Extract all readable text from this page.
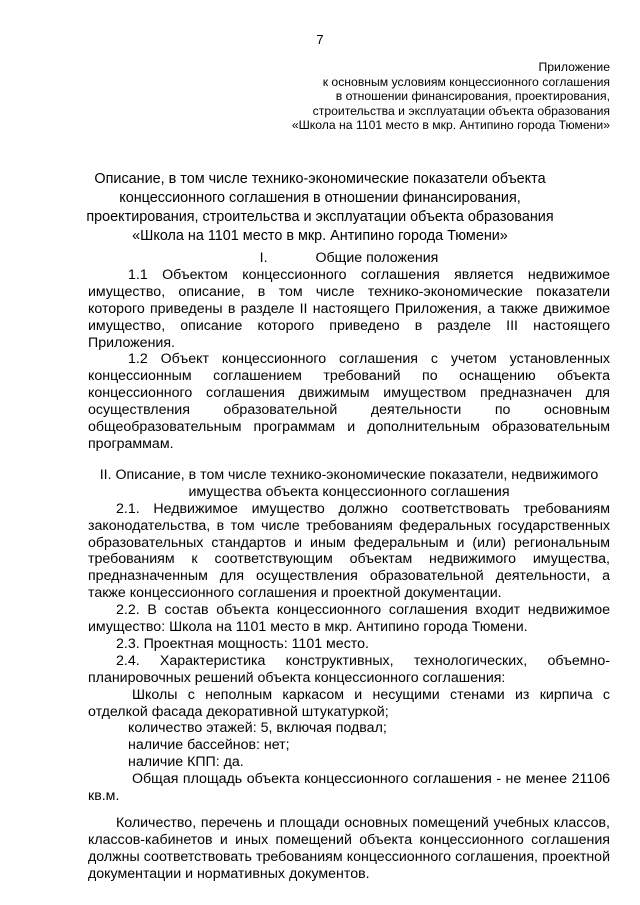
7
Приложение
к основным условиям концессионного соглашения
в отношении финансирования, проектирования,
строительства и эксплуатации объекта образования
«Школа на 1101 место в мкр. Антипино города Тюмени»
Описание, в том числе технико-экономические показатели объекта
концессионного соглашения в отношении финансирования,
проектирования, строительства и эксплуатации объекта образования
«Школа на 1101 место в мкр. Антипино города Тюмени»

I.	Общие положения

1.1 Объектом концессионного соглашения является недвижимое имущество, описание, в том числе технико-экономические показатели которого приведены в разделе II настоящего Приложения, а также движимое имущество, описание которого приведено в разделе III настоящего Приложения.

1.2 Объект концессионного соглашения с учетом установленных концессионным соглашением требований по оснащению объекта концессионного соглашения движимым имуществом предназначен для осуществления образовательной деятельности по основным общеобразовательным программам и дополнительным образовательным программам.

II. Описание, в том числе технико-экономические показатели, недвижимого

имущества объекта концессионного соглашения

2.1. Недвижимое имущество должно соответствовать требованиям законодательства, в том числе требованиям федеральных государственных образовательных стандартов и иным федеральным и (или) региональным требованиям к соответствующим объектам недвижимого имущества, предназначенным для осуществления образовательной деятельности, а также концессионного соглашения и проектной документации.

2.2. В состав объекта концессионного соглашения входит недвижимое имущество: Школа на 1101 место в мкр. Антипино города Тюмени.

2.3. Проектная мощность: 1101 место.

2.4. Характеристика конструктивных, технологических, объемно-планировочных решений объекта концессионного соглашения:

Школы с неполным каркасом и несущими стенами из кирпича с отделкой фасада декоративной штукатуркой;

количество этажей: 5, включая подвал;

наличие бассейнов: нет;

наличие КПП: да.

Общая площадь объекта концессионного соглашения - не менее 21106 кв.м.

Количество, перечень и площади основных помещений учебных классов, классов-кабинетов и иных помещений объекта концессионного соглашения должны соответствовать требованиям концессионного соглашения, проектной документации и нормативных документов.
